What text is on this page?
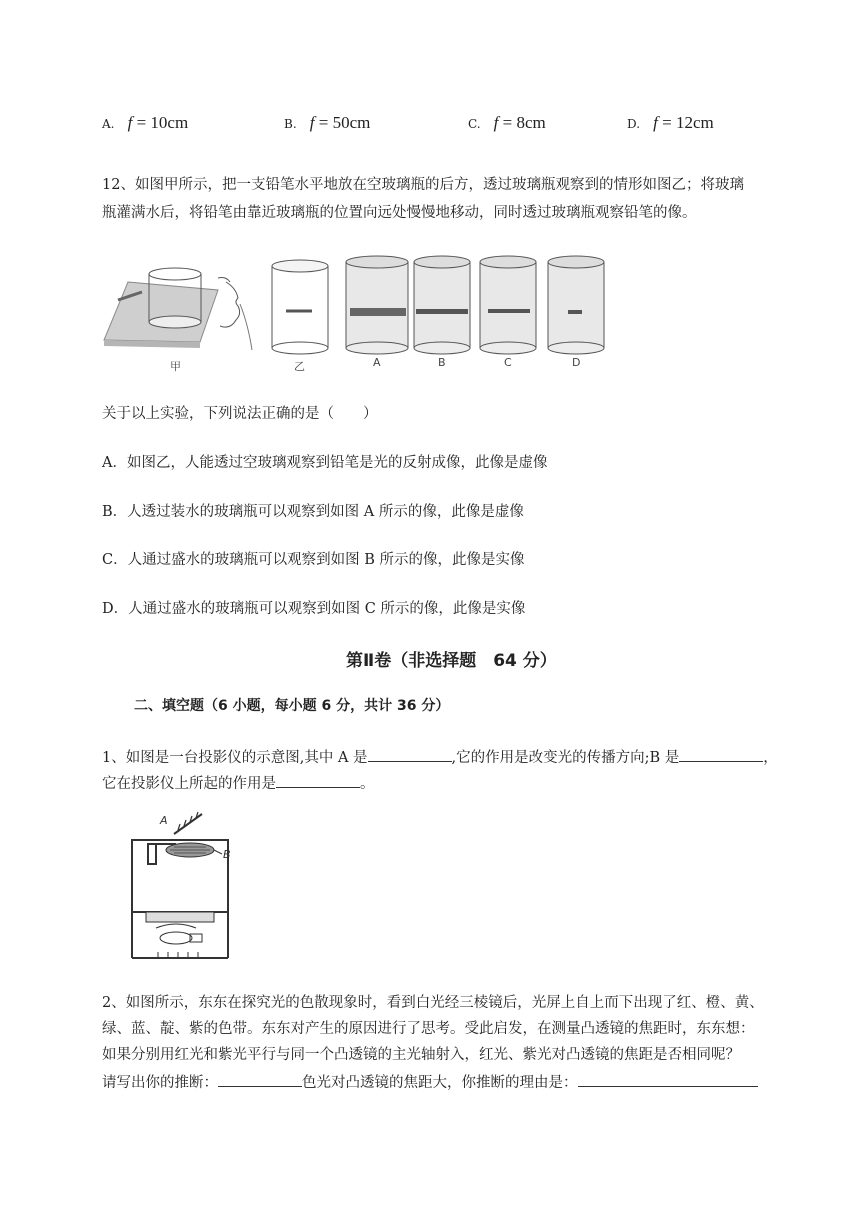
A. f = 10cm	B. f = 50cm	C. f = 8cm	D. f = 12cm
12、如图甲所示，把一支铅笔水平地放在空玻璃瓶的后方，透过玻璃瓶观察到的情形如图乙；将玻璃
瓶灌满水后，将铅笔由靠近玻璃瓶的位置向远处慢慢地移动，同时透过玻璃瓶观察铅笔的像。
甲	乙	A	B	C	D
关于以上实验，下列说法正确的是（　　）
A．如图乙，人能透过空玻璃观察到铅笔是光的反射成像，此像是虚像
B．人透过装水的玻璃瓶可以观察到如图 A 所示的像，此像是虚像
C．人通过盛水的玻璃瓶可以观察到如图 B 所示的像，此像是实像
D．人通过盛水的玻璃瓶可以观察到如图 C 所示的像，此像是实像
第Ⅱ卷（非选择题　64 分）
二、填空题（6 小题，每小题 6 分，共计 36 分）
1、如图是一台投影仪的示意图,其中 A 是	,它的作用是改变光的传播方向;B 是	，
它在投影仪上所起的作用是	。
A
B
2、如图所示，东东在探究光的色散现象时，看到白光经三棱镜后，光屏上自上而下出现了红、橙、黄、
绿、蓝、靛、紫的色带。东东对产生的原因进行了思考。受此启发，在测量凸透镜的焦距时，东东想：
如果分别用红光和紫光平行与同一个凸透镜的主光轴射入，红光、紫光对凸透镜的焦距是否相同呢？
请写出你的推断：	色光对凸透镜的焦距大，你推断的理由是：
